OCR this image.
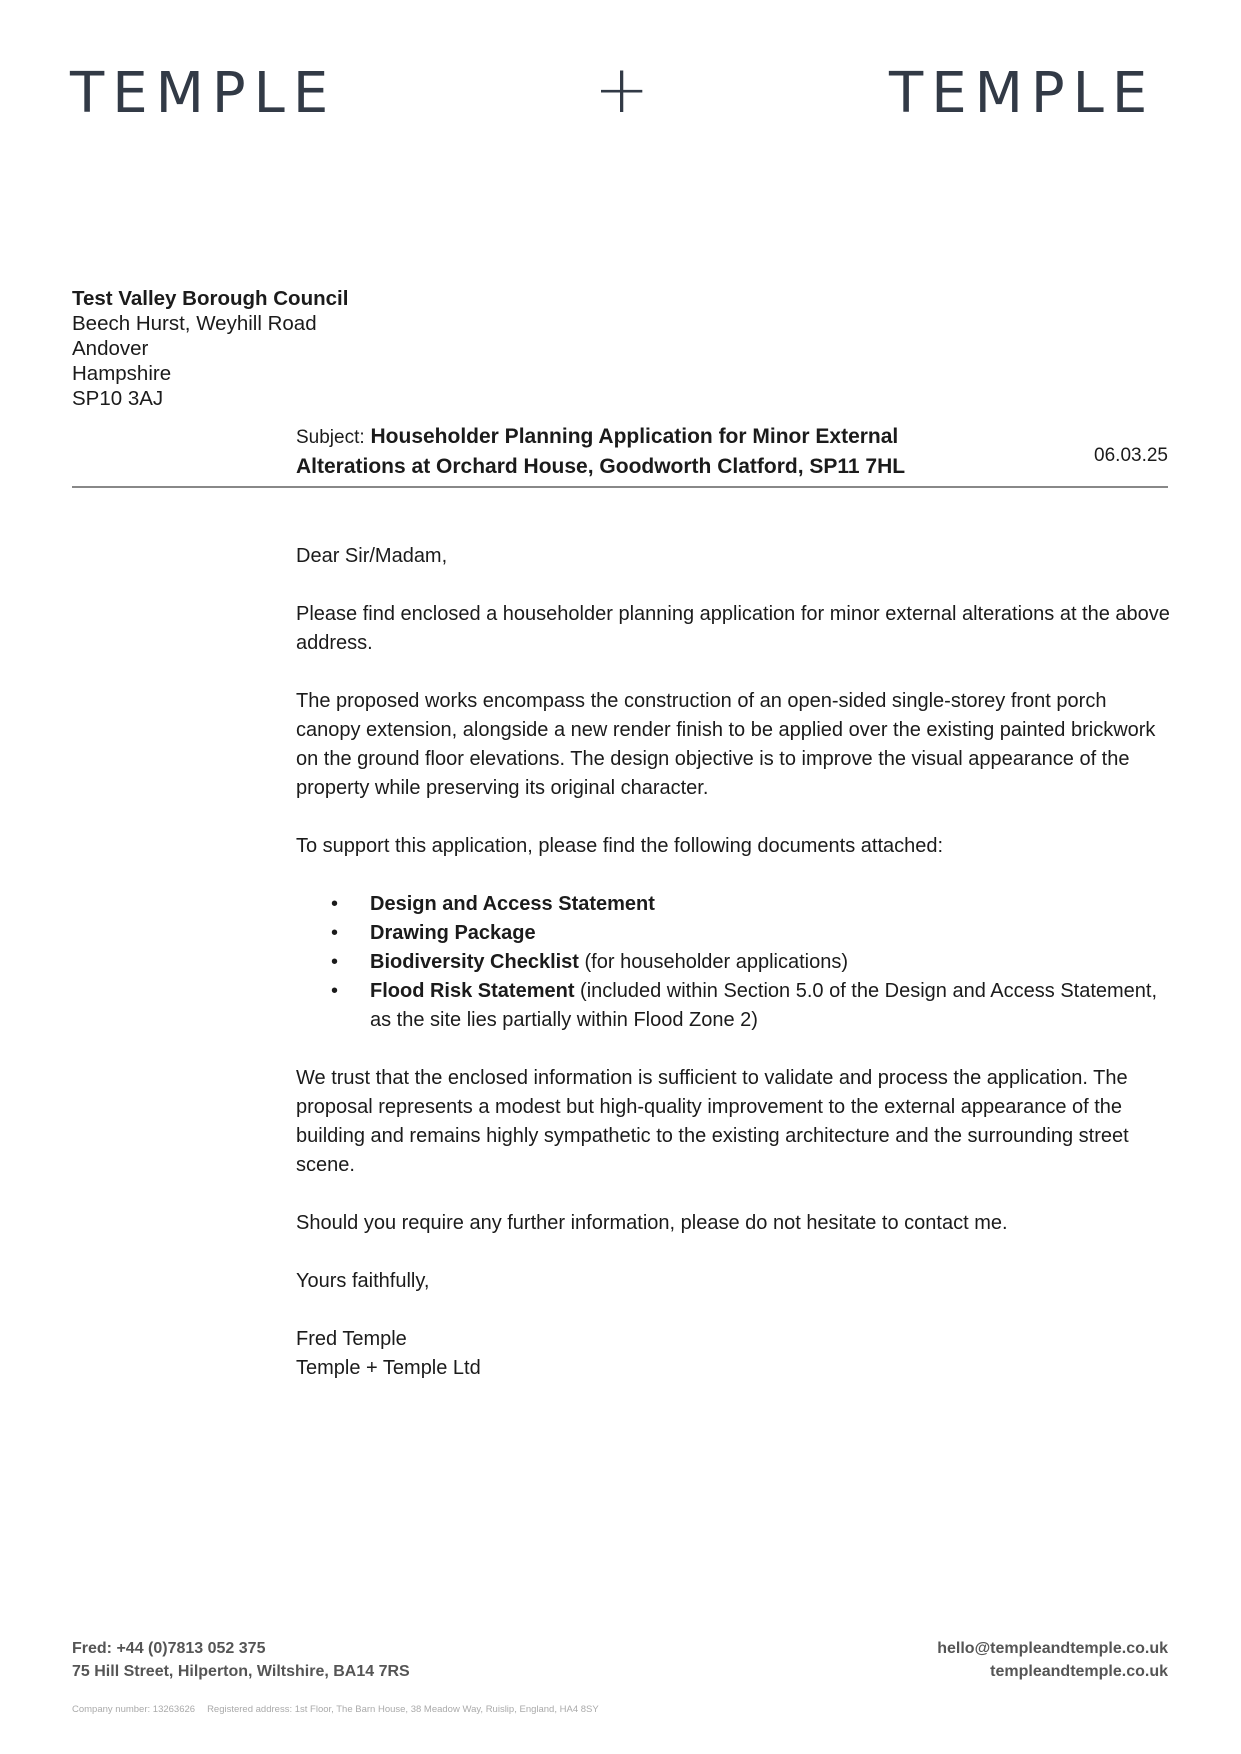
TEMPLE	+	TEMPLE
Test Valley Borough Council
Beech Hurst, Weyhill Road
Andover
Hampshire
SP10 3AJ
Subject: Householder Planning Application for Minor External
Alterations at Orchard House, Goodworth Clatford, SP11 7HL	06.03.25

Dear Sir/Madam,

Please find enclosed a householder planning application for minor external alterations at the above address.

The proposed works encompass the construction of an open-sided single-storey front porch canopy extension, alongside a new render finish to be applied over the existing painted brickwork on the ground floor elevations. The design objective is to improve the visual appearance of the property while preserving its original character.

To support this application, please find the following documents attached:

• Design and Access Statement
• Drawing Package
• Biodiversity Checklist (for householder applications)
• Flood Risk Statement (included within Section 5.0 of the Design and Access Statement, as the site lies partially within Flood Zone 2)

We trust that the enclosed information is sufficient to validate and process the application. The proposal represents a modest but high-quality improvement to the external appearance of the building and remains highly sympathetic to the existing architecture and the surrounding street scene.

Should you require any further information, please do not hesitate to contact me.

Yours faithfully,

Fred Temple
Temple + Temple Ltd
Fred: +44 (0)7813 052 375
75 Hill Street, Hilperton, Wiltshire, BA14 7RS
hello@templeandtemple.co.uk
templeandtemple.co.uk
Company number: 13263626 Registered address: 1st Floor, The Barn House, 38 Meadow Way, Ruislip, England, HA4 8SY
